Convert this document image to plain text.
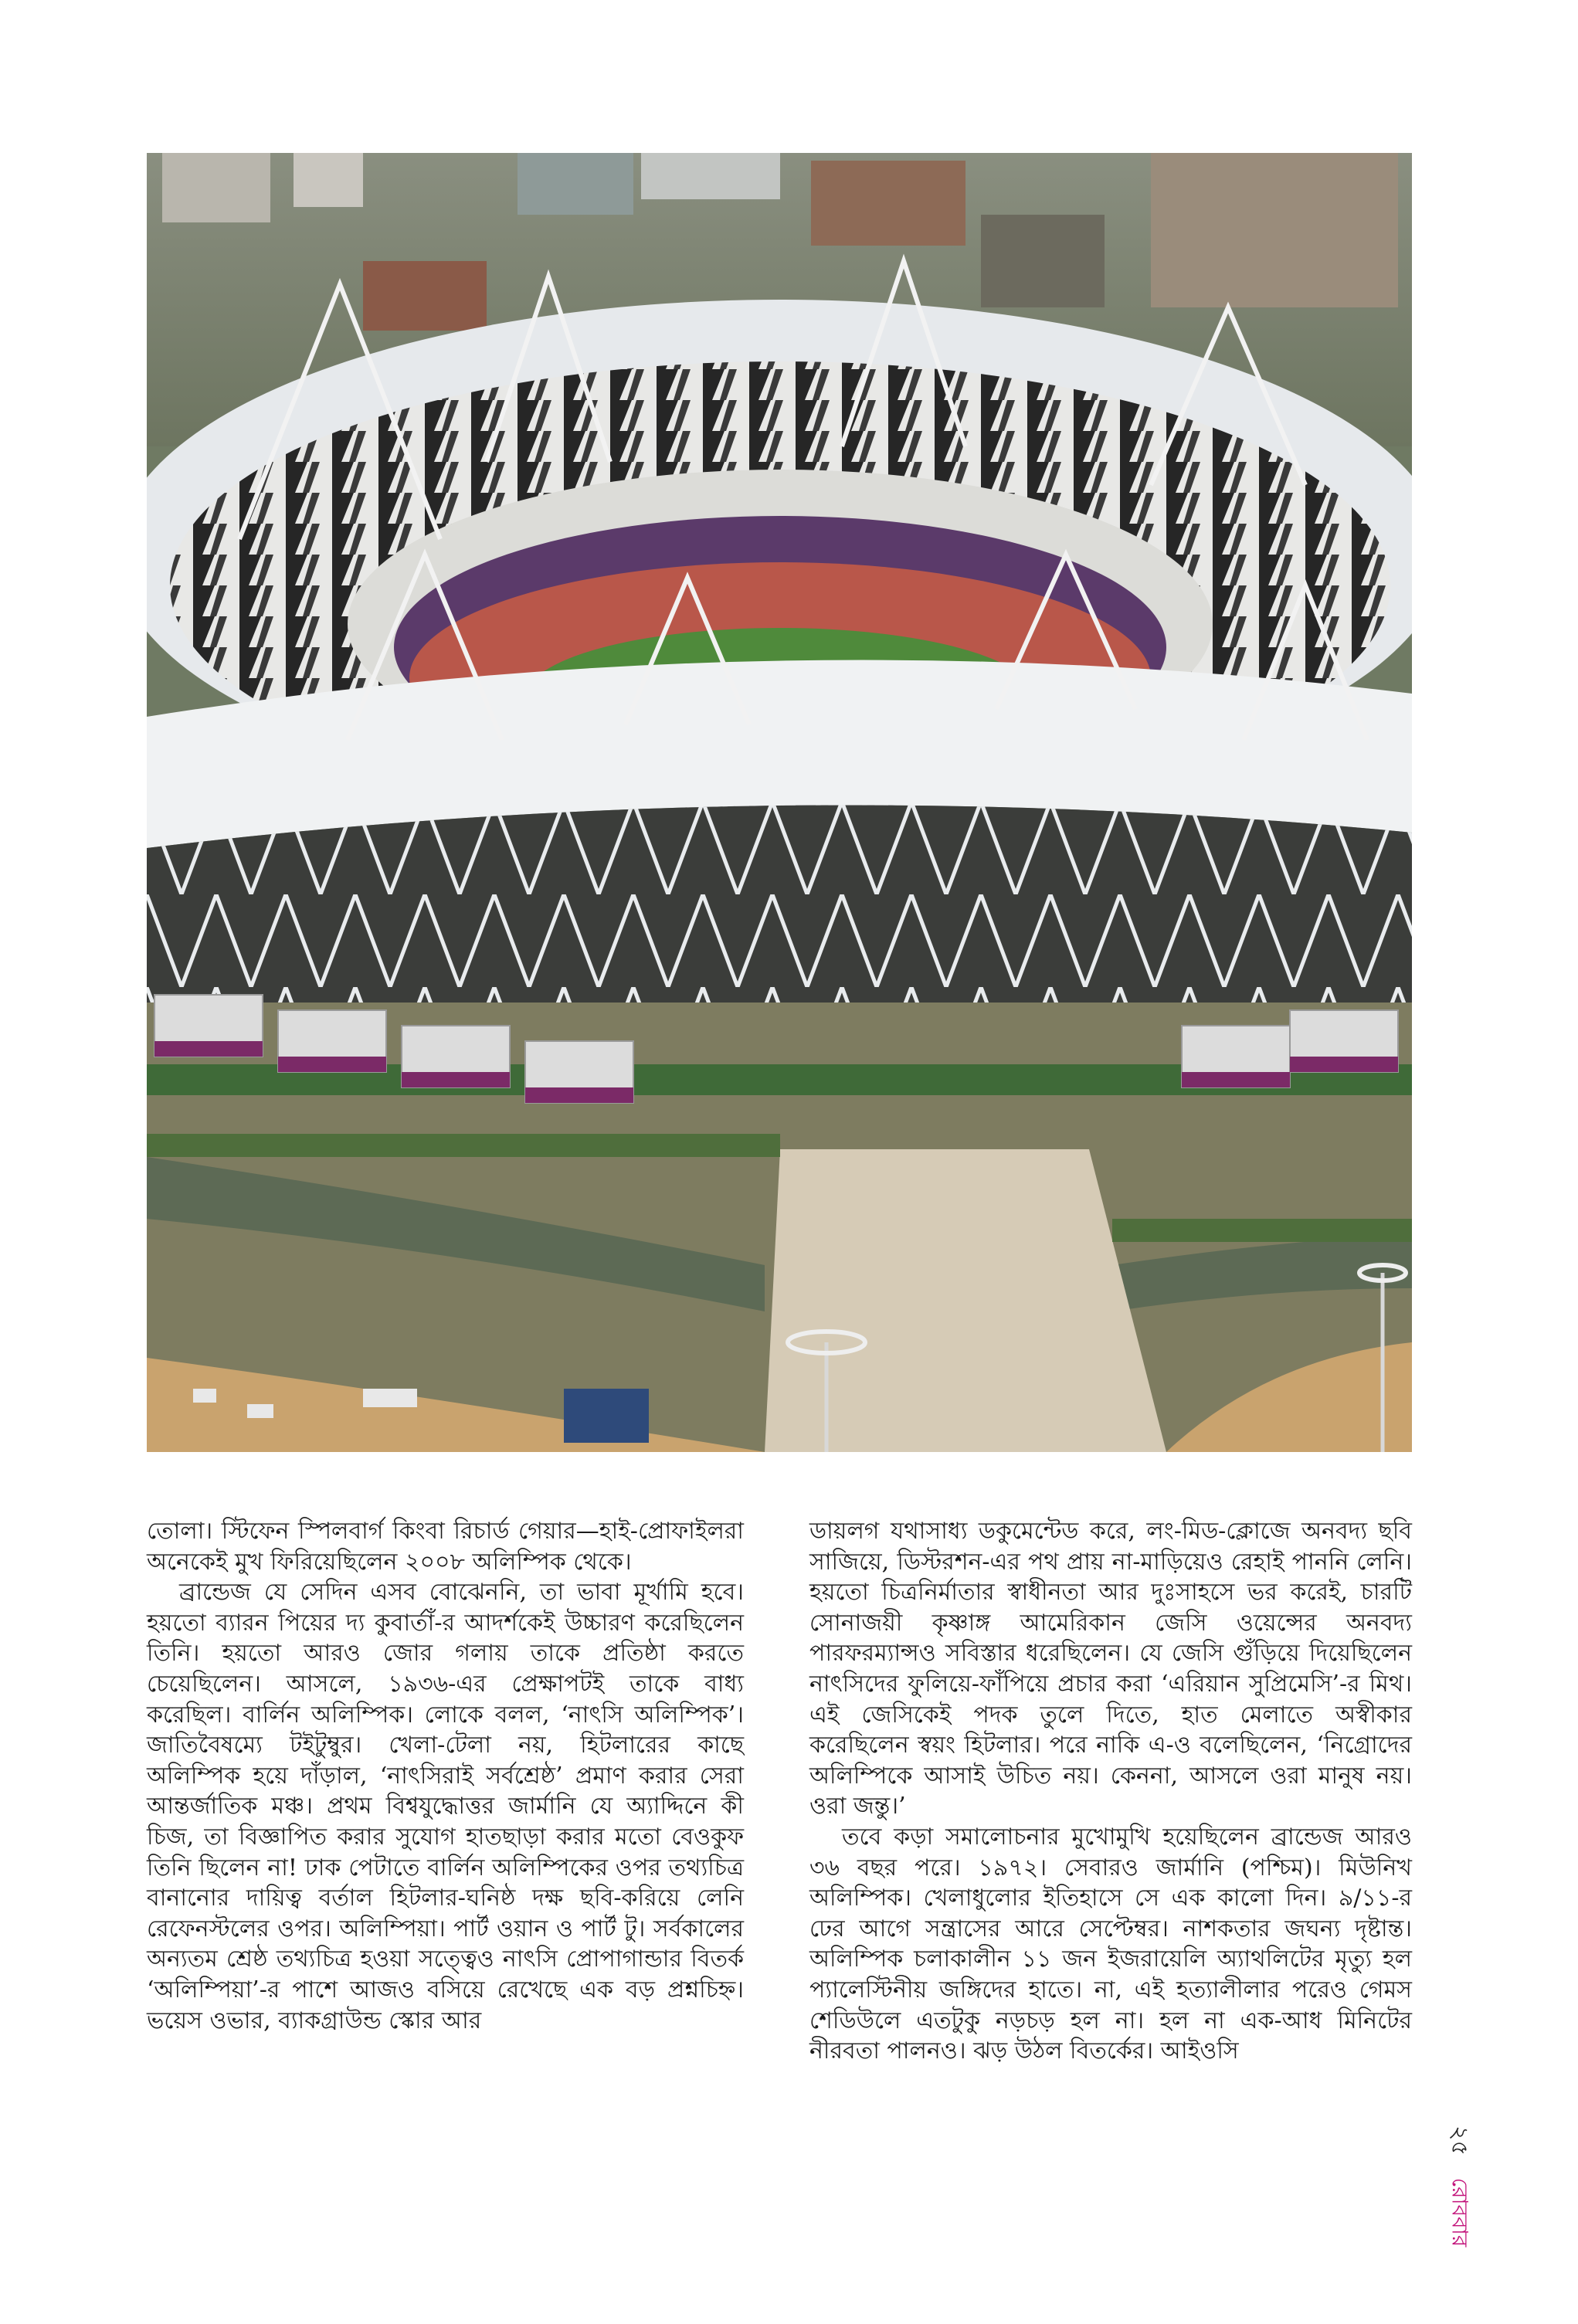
তোলা। স্টিফেন স্পিলবার্গ কিংবা রিচার্ড গেয়ার—হাই-প্রোফাইলরা অনেকেই মুখ ফিরিয়েছিলেন ২০০৮ অলিম্পিক থেকে।

ব্রান্ডেজ যে সেদিন এসব বোঝেননি, তা ভাবা মূর্খামি হবে। হয়তো ব্যারন পিয়ের দ্য কুবার্তাঁ-র আদর্শকেই উচ্চারণ করেছিলেন তিনি। হয়তো আরও জোর গলায় তাকে প্রতিষ্ঠা করতে চেয়েছিলেন। আসলে, ১৯৩৬-এর প্রেক্ষাপটই তাকে বাধ্য করেছিল। বার্লিন অলিম্পিক। লোকে বলল, ‘নাৎসি অলিম্পিক’। জাতিবৈষম্যে টইটুম্বুর। খেলা-টেলা নয়, হিটলারের কাছে অলিম্পিক হয়ে দাঁড়াল, ‘নাৎসিরাই সর্বশ্রেষ্ঠ’ প্রমাণ করার সেরা আন্তর্জাতিক মঞ্চ। প্রথম বিশ্বযুদ্ধোত্তর জার্মানি যে অ্যাদ্দিনে কী চিজ, তা বিজ্ঞাপিত করার সুযোগ হাতছাড়া করার মতো বেওকুফ তিনি ছিলেন না! ঢাক পেটাতে বার্লিন অলিম্পিকের ওপর তথ্যচিত্র বানানোর দায়িত্ব বর্তাল হিটলার-ঘনিষ্ঠ দক্ষ ছবি-করিয়ে লেনি রেফেনস্টলের ওপর। অলিম্পিয়া। পার্ট ওয়ান ও পার্ট টু। সর্বকালের অন্যতম শ্রেষ্ঠ তথ্যচিত্র হওয়া সত্ত্বেও নাৎসি প্রোপাগান্ডার বিতর্ক ‘অলিম্পিয়া’-র পাশে আজও বসিয়ে রেখেছে এক বড় প্রশ্নচিহ্ন। ভয়েস ওভার, ব্যাকগ্রাউন্ড স্কোর আর

ডায়লগ যথাসাধ্য ডকুমেন্টেড করে, লং-মিড-ক্লোজে অনবদ্য ছবি সাজিয়ে, ডিস্টরশন-এর পথ প্রায় না-মাড়িয়েও রেহাই পাননি লেনি। হয়তো চিত্রনির্মাতার স্বাধীনতা আর দুঃসাহসে ভর করেই, চারটি সোনাজয়ী কৃষ্ণাঙ্গ আমেরিকান জেসি ওয়েন্সের অনবদ্য পারফরম্যান্সও সবিস্তার ধরেছিলেন। যে জেসি গুঁড়িয়ে দিয়েছিলেন নাৎসিদের ফুলিয়ে-ফাঁপিয়ে প্রচার করা ‘এরিয়ান সুপ্রিমেসি’-র মিথ। এই জেসিকেই পদক তুলে দিতে, হাত মেলাতে অস্বীকার করেছিলেন স্বয়ং হিটলার। পরে নাকি এ-ও বলেছিলেন, ‘নিগ্রোদের অলিম্পিকে আসাই উচিত নয়। কেননা, আসলে ওরা মানুষ নয়। ওরা জন্তু।’

তবে কড়া সমালোচনার মুখোমুখি হয়েছিলেন ব্রান্ডেজ আরও ৩৬ বছর পরে। ১৯৭২। সেবারও জার্মানি (পশ্চিম)। মিউনিখ অলিম্পিক। খেলাধুলোর ইতিহাসে সে এক কালো দিন। ৯/১১-র ঢের আগে সন্ত্রাসের আরে সেপ্টেম্বর। নাশকতার জঘন্য দৃষ্টান্ত। অলিম্পিক চলাকালীন ১১ জন ইজরায়েলি অ্যাথলিটের মৃত্যু হল প্যালেস্টিনীয় জঙ্গিদের হাতে। না, এই হত্যালীলার পরেও গেমস শেডিউলে এতটুকু নড়চড় হল না। হল না এক-আধ মিনিটের নীরবতা পালনও। ঝড় উঠল বিতর্কের। আইওসি

২৫
রোববার
